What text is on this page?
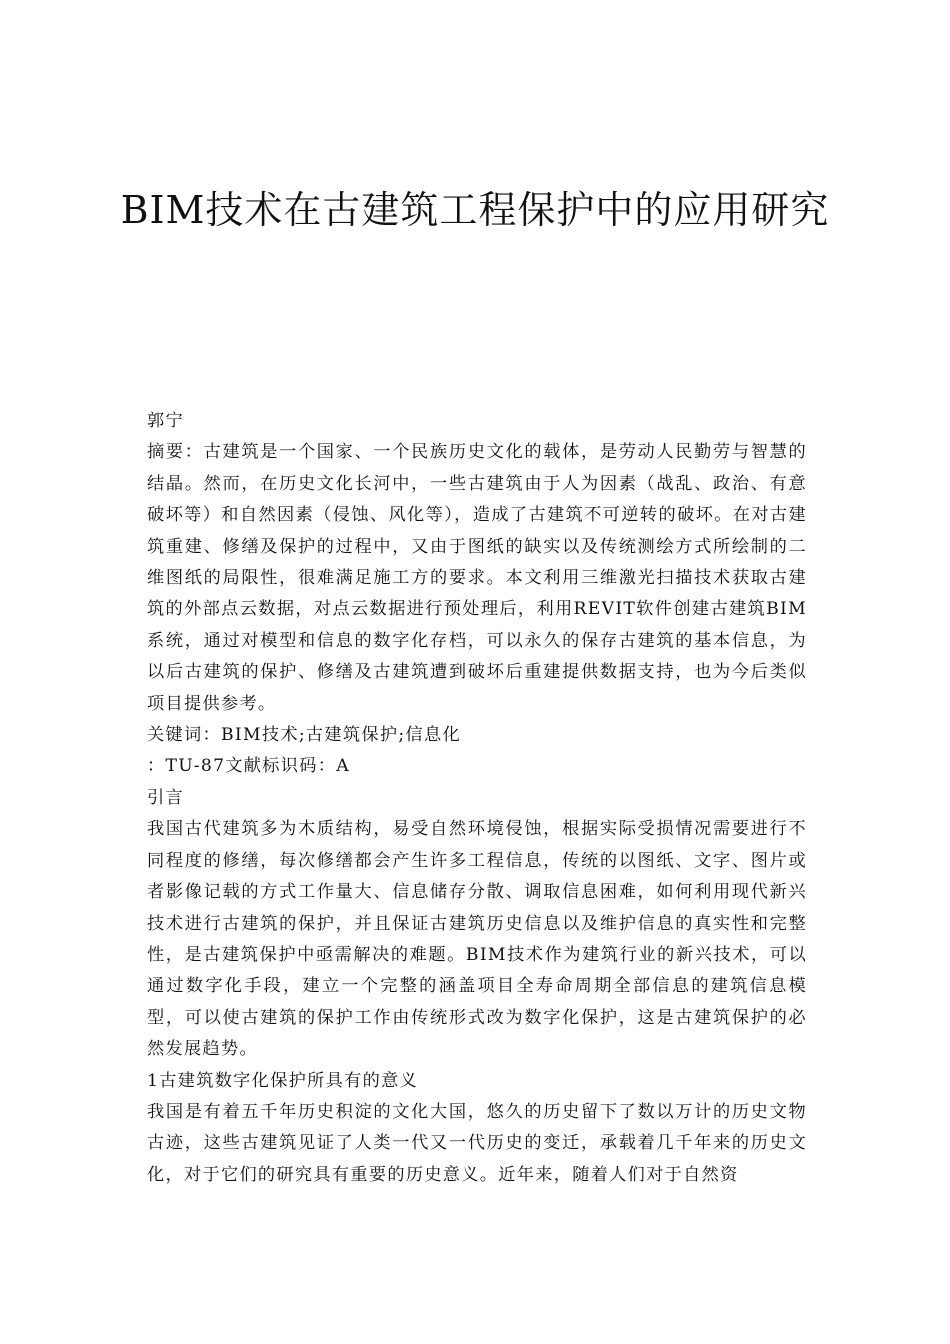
BIM技术在古建筑工程保护中的应用研究

郭宁

摘要：古建筑是一个国家、一个民族历史文化的载体，是劳动人民勤劳与智慧的结晶。然而，在历史文化长河中，一些古建筑由于人为因素（战乱、政治、有意破坏等）和自然因素（侵蚀、风化等），造成了古建筑不可逆转的破坏。在对古建筑重建、修缮及保护的过程中，又由于图纸的缺实以及传统测绘方式所绘制的二维图纸的局限性，很难满足施工方的要求。本文利用三维激光扫描技术获取古建筑的外部点云数据，对点云数据进行预处理后，利用REVIT软件创建古建筑BIM系统，通过对模型和信息的数字化存档，可以永久的保存古建筑的基本信息，为以后古建筑的保护、修缮及古建筑遭到破坏后重建提供数据支持，也为今后类似项目提供参考。

关键词：BIM技术;古建筑保护;信息化

：TU-87文献标识码：A

引言

我国古代建筑多为木质结构，易受自然环境侵蚀，根据实际受损情况需要进行不同程度的修缮，每次修缮都会产生许多工程信息，传统的以图纸、文字、图片或者影像记载的方式工作量大、信息储存分散、调取信息困难，如何利用现代新兴技术进行古建筑的保护，并且保证古建筑历史信息以及维护信息的真实性和完整性，是古建筑保护中亟需解决的难题。BIM技术作为建筑行业的新兴技术，可以通过数字化手段，建立一个完整的涵盖项目全寿命周期全部信息的建筑信息模型，可以使古建筑的保护工作由传统形式改为数字化保护，这是古建筑保护的必然发展趋势。

1古建筑数字化保护所具有的意义

我国是有着五千年历史积淀的文化大国，悠久的历史留下了数以万计的历史文物古迹，这些古建筑见证了人类一代又一代历史的变迁，承载着几千年来的历史文化，对于它们的研究具有重要的历史意义。近年来，随着人们对于自然资
